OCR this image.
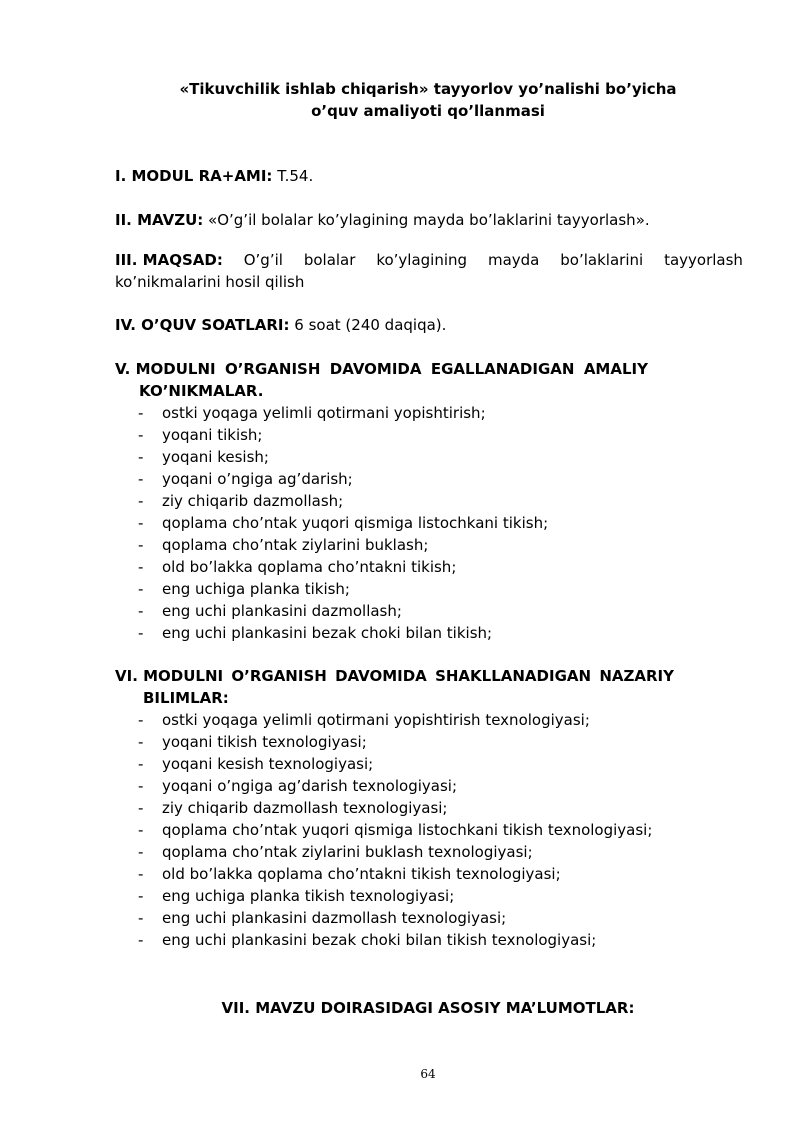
«Tikuvchilik ishlab chiqarish» tayyorlov yo’nalishi bo’yicha
o’quv amaliyoti qo’llanmasi
I. MODUL RA+AMI: T.54.
II. MAVZU: «O’g’il bolalar ko’ylagining mayda bo’laklarini tayyorlash».
III. MAQSAD: O’g’il bolalar ko’ylagining mayda bo’laklarini tayyorlash
ko’nikmalarini hosil qilish
IV. O’QUV SOATLARI: 6 soat (240 daqiqa).
V. MODULNI O’RGANISH DAVOMIDA EGALLANADIGAN AMALIY
KO’NIKMALAR.
- ostki yoqaga yelimli qotirmani yopishtirish;
- yoqani tikish;
- yoqani kesish;
- yoqani o’ngiga ag’darish;
- ziy chiqarib dazmollash;
- qoplama cho’ntak yuqori qismiga listochkani tikish;
- qoplama cho’ntak ziylarini buklash;
- old bo’lakka qoplama cho’ntakni tikish;
- eng uchiga planka tikish;
- eng uchi plankasini dazmollash;
- eng uchi plankasini bezak choki bilan tikish;
VI. MODULNI O’RGANISH DAVOMIDA SHAKLLANADIGAN NAZARIY
BILIMLAR:
- ostki yoqaga yelimli qotirmani yopishtirish texnologiyasi;
- yoqani tikish texnologiyasi;
- yoqani kesish texnologiyasi;
- yoqani o’ngiga ag’darish texnologiyasi;
- ziy chiqarib dazmollash texnologiyasi;
- qoplama cho’ntak yuqori qismiga listochkani tikish texnologiyasi;
- qoplama cho’ntak ziylarini buklash texnologiyasi;
- old bo’lakka qoplama cho’ntakni tikish texnologiyasi;
- eng uchiga planka tikish texnologiyasi;
- eng uchi plankasini dazmollash texnologiyasi;
- eng uchi plankasini bezak choki bilan tikish texnologiyasi;
VII. MAVZU DOIRASIDAGI ASOSIY MA’LUMOTLAR:
64
